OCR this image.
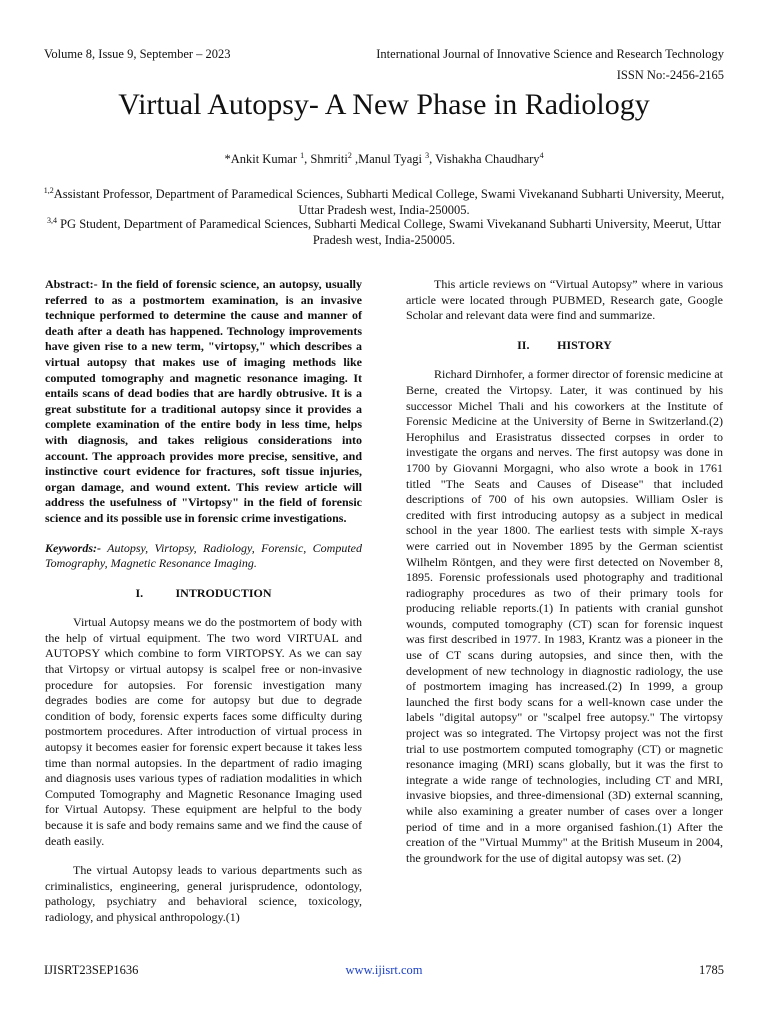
Volume 8, Issue 9, September – 2023	International Journal of Innovative Science and Research Technology
ISSN No:-2456-2165
Virtual Autopsy- A New Phase in Radiology
*Ankit Kumar $^1$, Shmriti$^2$ ,Manul Tyagi $^3$, Vishakha Chaudhary$^4$
$^{1,2}$Assistant Professor, Department of Paramedical Sciences, Subharti Medical College, Swami Vivekanand Subharti University, Meerut, Uttar Pradesh west, India-250005.
$^{3,4}$ PG Student, Department of Paramedical Sciences, Subharti Medical College, Swami Vivekanand Subharti University, Meerut, Uttar Pradesh west, India-250005.

Abstract:- In the field of forensic science, an autopsy, usually referred to as a postmortem examination, is an invasive technique performed to determine the cause and manner of death after a death has happened. Technology improvements have given rise to a new term, "virtopsy," which describes a virtual autopsy that makes use of imaging methods like computed tomography and magnetic resonance imaging. It entails scans of dead bodies that are hardly obtrusive. It is a great substitute for a traditional autopsy since it provides a complete examination of the entire body in less time, helps with diagnosis, and takes religious considerations into account. The approach provides more precise, sensitive, and instinctive court evidence for fractures, soft tissue injuries, organ damage, and wound extent. This review article will address the usefulness of "Virtopsy" in the field of forensic science and its possible use in forensic crime investigations.

Keywords:- Autopsy, Virtopsy, Radiology, Forensic, Computed Tomography, Magnetic Resonance Imaging.

I.	INTRODUCTION

Virtual Autopsy means we do the postmortem of body with the help of virtual equipment. The two word VIRTUAL and AUTOPSY which combine to form VIRTOPSY. As we can say that Virtopsy or virtual autopsy is scalpel free or non-invasive procedure for autopsies. For forensic investigation many degrades bodies are come for autopsy but due to degrade condition of body, forensic experts faces some difficulty during postmortem procedures. After introduction of virtual process in autopsy it becomes easier for forensic expert because it takes less time than normal autopsies. In the department of radio imaging and diagnosis uses various types of radiation modalities in which Computed Tomography and Magnetic Resonance Imaging used for Virtual Autopsy. These equipment are helpful to the body because it is safe and body remains same and we find the cause of death easily.

The virtual Autopsy leads to various departments such as criminalistics, engineering, general jurisprudence, odontology, pathology, psychiatry and behavioral science, toxicology, radiology, and physical anthropology.(1)

This article reviews on “Virtual Autopsy” where in various article were located through PUBMED, Research gate, Google Scholar and relevant data were find and summarize.

II. HISTORY

Richard Dirnhofer, a former director of forensic medicine at Berne, created the Virtopsy. Later, it was continued by his successor Michel Thali and his coworkers at the Institute of Forensic Medicine at the University of Berne in Switzerland.(2) Herophilus and Erasistratus dissected corpses in order to investigate the organs and nerves. The first autopsy was done in 1700 by Giovanni Morgagni, who also wrote a book in 1761 titled "The Seats and Causes of Disease" that included descriptions of 700 of his own autopsies. William Osler is credited with first introducing autopsy as a subject in medical school in the year 1800. The earliest tests with simple X-rays were carried out in November 1895 by the German scientist Wilhelm Röntgen, and they were first detected on November 8, 1895. Forensic professionals used photography and traditional radiography procedures as two of their primary tools for producing reliable reports.(1) In patients with cranial gunshot wounds, computed tomography (CT) scan for forensic inquest was first described in 1977. In 1983, Krantz was a pioneer in the use of CT scans during autopsies, and since then, with the development of new technology in diagnostic radiology, the use of postmortem imaging has increased.(2) In 1999, a group launched the first body scans for a well-known case under the labels "digital autopsy" or "scalpel free autopsy." The virtopsy project was so integrated. The Virtopsy project was not the first trial to use postmortem computed tomography (CT) or magnetic resonance imaging (MRI) scans globally, but it was the first to integrate a wide range of technologies, including CT and MRI, invasive biopsies, and three-dimensional (3D) external scanning, while also examining a greater number of cases over a longer period of time and in a more organised fashion.(1) After the creation of the "Virtual Mummy" at the British Museum in 2004, the groundwork for the use of digital autopsy was set. (2)

IJISRT23SEP1636	www.ijisrt.com	1785
